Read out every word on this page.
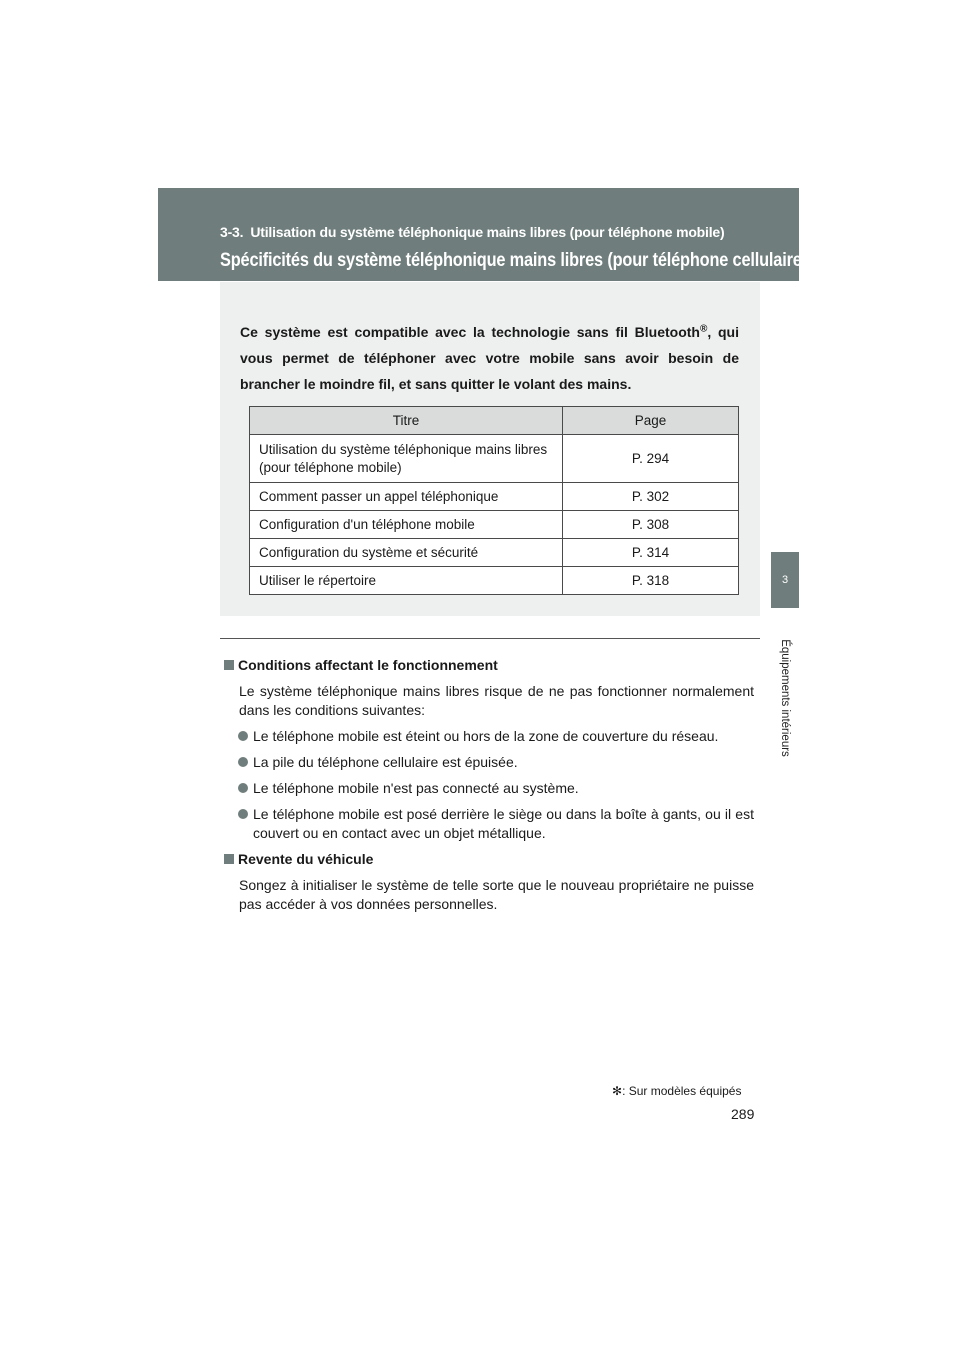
3-3. Utilisation du système téléphonique mains libres (pour téléphone mobile)
Spécificités du système téléphonique mains libres (pour téléphone cellulaire) ✻
3
Équipements intérieurs
Ce système est compatible avec la technologie sans fil Bluetooth®, qui vous permet de téléphoner avec votre mobile sans avoir besoin de brancher le moindre fil, et sans quitter le volant des mains.
Titre	Page
Utilisation du système téléphonique mains libres (pour téléphone mobile)	P. 294
Comment passer un appel téléphonique	P. 302
Configuration d'un téléphone mobile	P. 308
Configuration du système et sécurité	P. 314
Utiliser le répertoire	P. 318
Conditions affectant le fonctionnement
Le système téléphonique mains libres risque de ne pas fonctionner normalement dans les conditions suivantes:
Le téléphone mobile est éteint ou hors de la zone de couverture du réseau.
La pile du téléphone cellulaire est épuisée.
Le téléphone mobile n'est pas connecté au système.
Le téléphone mobile est posé derrière le siège ou dans la boîte à gants, ou il est couvert ou en contact avec un objet métallique.
Revente du véhicule
Songez à initialiser le système de telle sorte que le nouveau propriétaire ne puisse pas accéder à vos données personnelles.
✻: Sur modèles équipés
289
